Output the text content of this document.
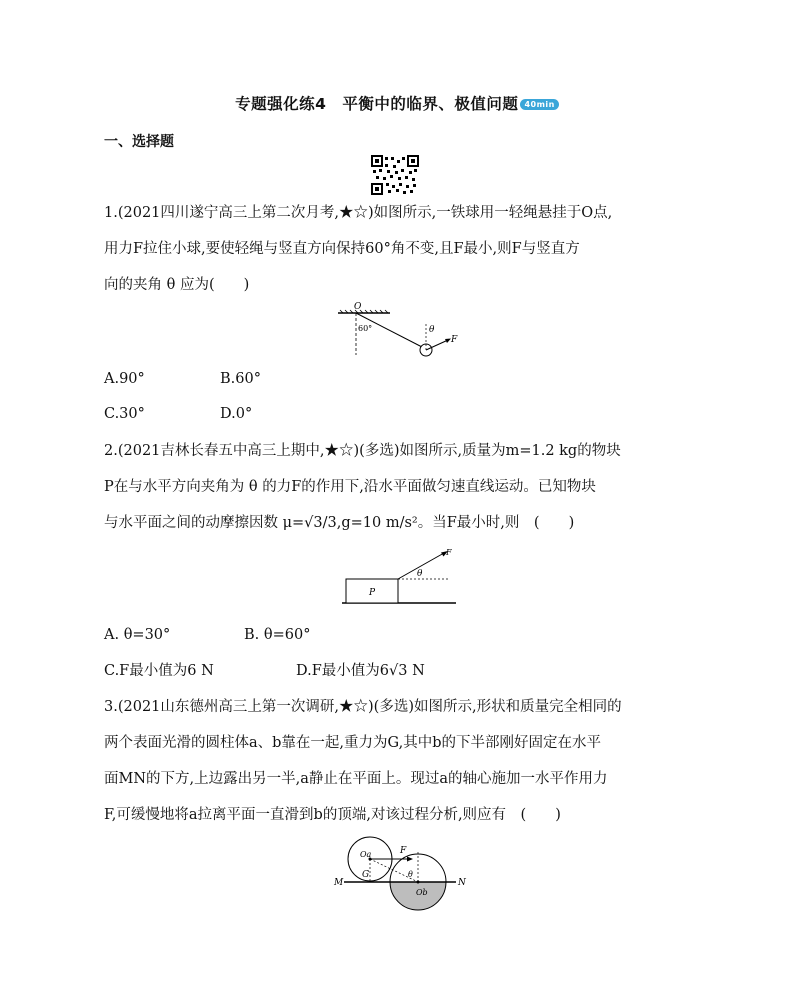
专题强化练4　平衡中的临界、极值问题 40min
一、选择题
1.(2021四川遂宁高三上第二次月考,★☆)如图所示,一铁球用一轻绳悬挂于O点,
用力F拉住小球,要使轻绳与竖直方向保持60°角不变,且F最小,则F与竖直方
向的夹角 θ 应为(　　)
O
60°	θ
F
A.90°	B.60°
C.30°	D.0°
2.(2021吉林长春五中高三上期中,★☆)(多选)如图所示,质量为m=1.2 kg的物块
P在与水平方向夹角为 θ 的力F的作用下,沿水平面做匀速直线运动。已知物块
与水平面之间的动摩擦因数 μ=√3/3,g=10 m/s²。当F最小时,则　(　　)
P
θ
F
A. θ=30°	B. θ=60°
C.F最小值为6 N	D.F最小值为6√3 N
3.(2021山东德州高三上第一次调研,★☆)(多选)如图所示,形状和质量完全相同的
两个表面光滑的圆柱体a、b靠在一起,重力为G,其中b的下半部刚好固定在水平
面MN的下方,上边露出另一半,a静止在平面上。现过a的轴心施加一水平作用力
F,可缓慢地将a拉离平面一直滑到b的顶端,对该过程分析,则应有　(　　)
Oa
Ob
F
G	θ
M	N
